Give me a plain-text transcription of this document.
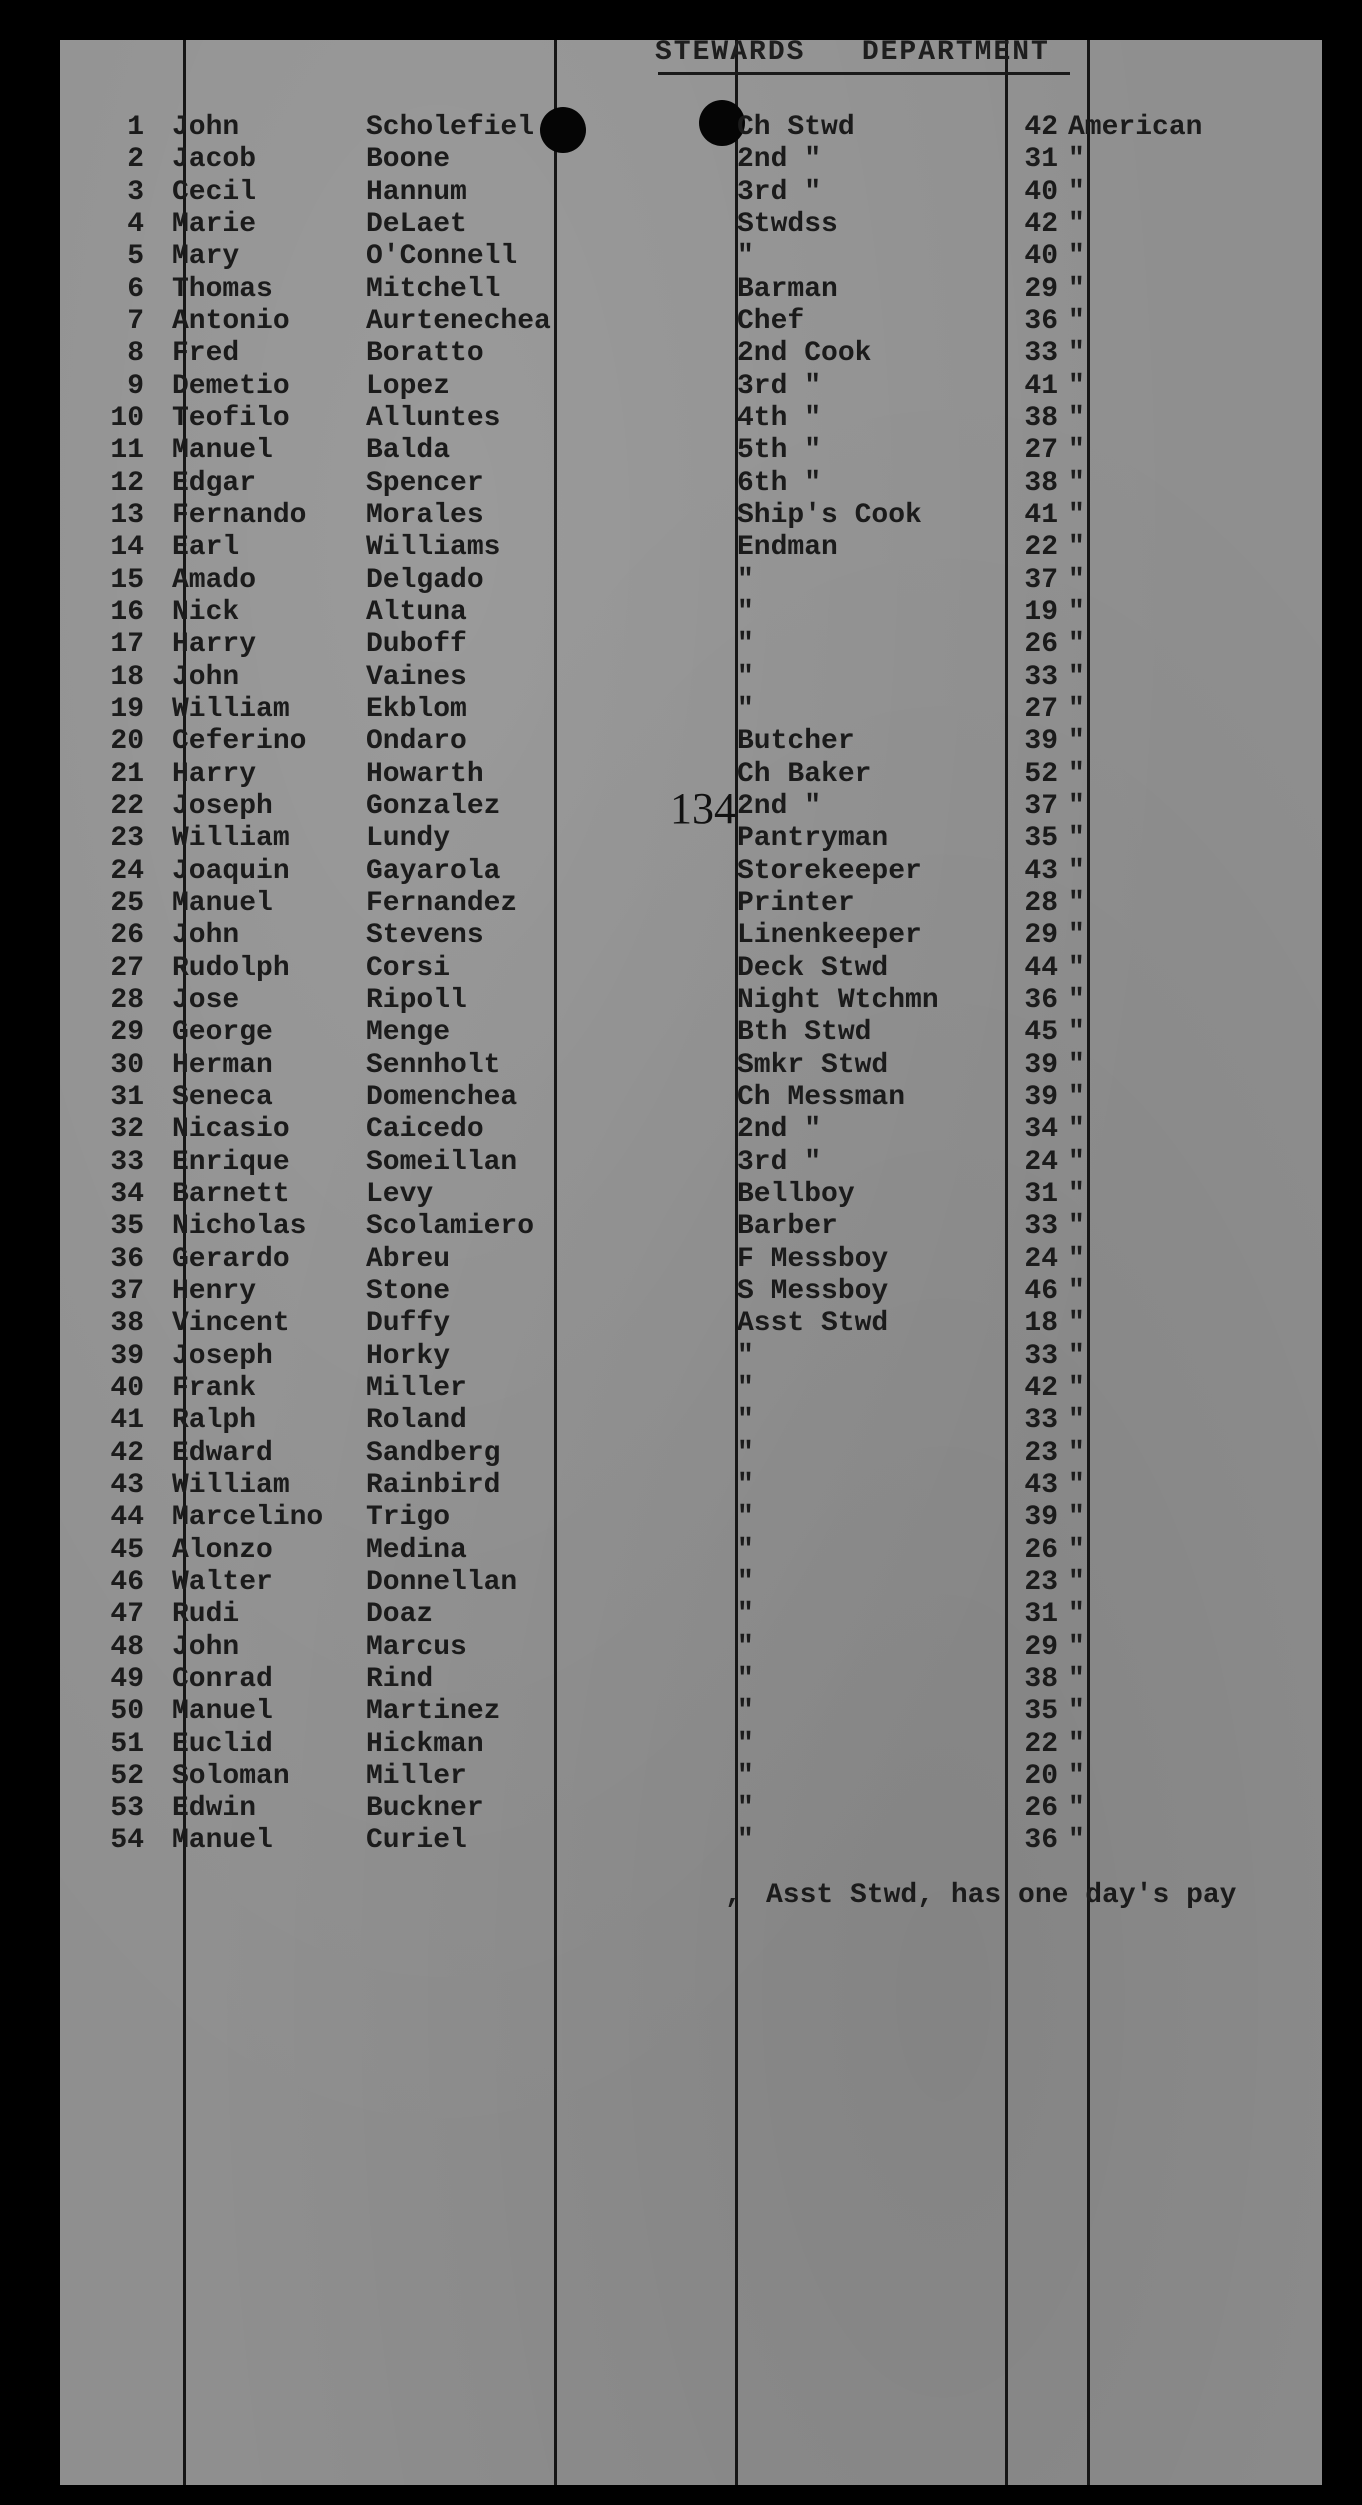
STEWARDS   DEPARTMENT
134
1 John	Scholefiel	Ch Stwd	42 American
2 Jacob	Boone	2nd "	31 "
3 Cecil	Hannum	3rd "	40 "
4 Marie	DeLaet	Stwdss	42 "
5 Mary	O'Connell	"	40 "
6 Thomas	Mitchell	Barman	29 "
7 Antonio	Aurtenechea	Chef	36 "
8 Fred	Boratto	2nd Cook	33 "
9 Demetio	Lopez	3rd "	41 "
10 Teofilo	Alluntes	4th "	38 "
11 Manuel	Balda	5th "	27 "
12 Edgar	Spencer	6th "	38 "
13 Fernando Morales	Ship's Cook	41 "
14 Earl	Williams	Endman	22 "
15 Amado	Delgado	"	37 "
16 Nick	Altuna	"	19 "
17 Harry	Duboff	"	26 "
18 John	Vaines	"	33 "
19 William	Ekblom	"	27 "
20 Ceferino Ondaro	Butcher	39 "
21 Harry	Howarth	Ch Baker	52 "
22 Joseph	Gonzalez	2nd "	37 "
23 William	Lundy	Pantryman	35 "
24 Joaquin	Gayarola	Storekeeper	43 "
25 Manuel	Fernandez	Printer	28 "
26 John	Stevens	Linenkeeper	29 "
27 Rudolph	Corsi	Deck Stwd	44 "
28 Jose	Ripoll	Night Wtchmn	36 "
29 George	Menge	Bth Stwd	45 "
30 Herman	Sennholt	Smkr Stwd	39 "
31 Seneca	Domenchea	Ch Messman	39 "
32 Nicasio	Caicedo	2nd "	34 "
33 Enrique	Someillan	3rd "	24 "
34 Barnett	Levy	Bellboy	31 "
35 Nicholas Scolamiero	Barber	33 "
36 Gerardo	Abreu	F Messboy	24 "
37 Henry	Stone	S Messboy	46 "
38 Vincent	Duffy	Asst Stwd	18 "
39 Joseph	Horky	"	33 "
40 Frank	Miller	"	42 "
41 Ralph	Roland	"	33 "
42 Edward	Sandberg	"	23 "
43 William	Rainbird	"	43 "
44 Marcelino Trigo	"	39 "
45 Alonzo	Medina	"	26 "
46 Walter	Donnellan	"	23 "
47 Rudi	Doaz	"	31 "
48 John	Marcus	"	29 "
49 Conrad	Rind	"	38 "
50 Manuel	Martinez	"	35 "
51 Euclid	Hickman	"	22 "
52 Soloman	Miller	"	20 "
53 Edwin	Buckner	"	26 "
54 Manuel	Curiel	"	36 "
, Asst Stwd, has one day's pay
